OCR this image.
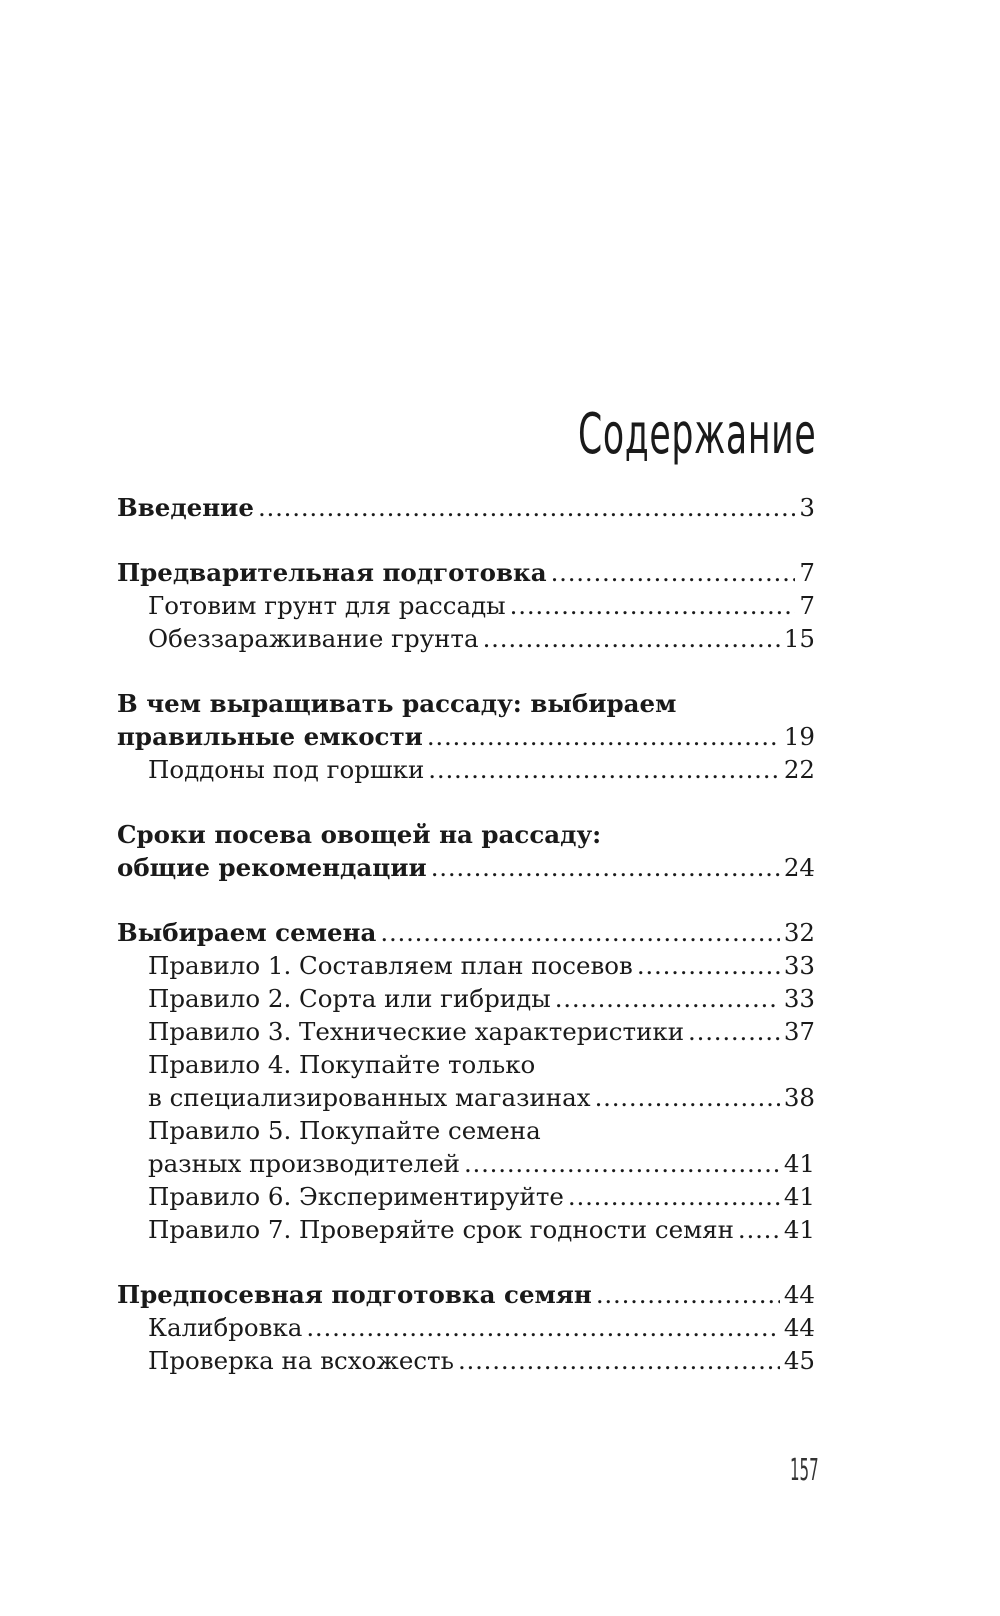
Содержание
Введение . . .	3
Предварительная подготовка . . .	7
Готовим грунт для рассады . . .	7
Обеззараживание грунта . . .	15
В чем выращивать рассаду: выбираем
правильные емкости . . .	19
Поддоны под горшки . . .	22
Сроки посева овощей на рассаду:
общие рекомендации . . .	24
Выбираем семена . . .	32
Правило 1. Составляем план посевов . . .	33
Правило 2. Сорта или гибриды . . .	33
Правило 3. Технические характеристики . . .	37
Правило 4. Покупайте только
в специализированных магазинах . . .	38
Правило 5. Покупайте семена
разных производителей . . .	41
Правило 6. Экспериментируйте . . .	41
Правило 7. Проверяйте срок годности семян . . . 41
Предпосевная подготовка семян . . .	44
Калибровка . . .	44
Проверка на всхожесть . . .	45
157
